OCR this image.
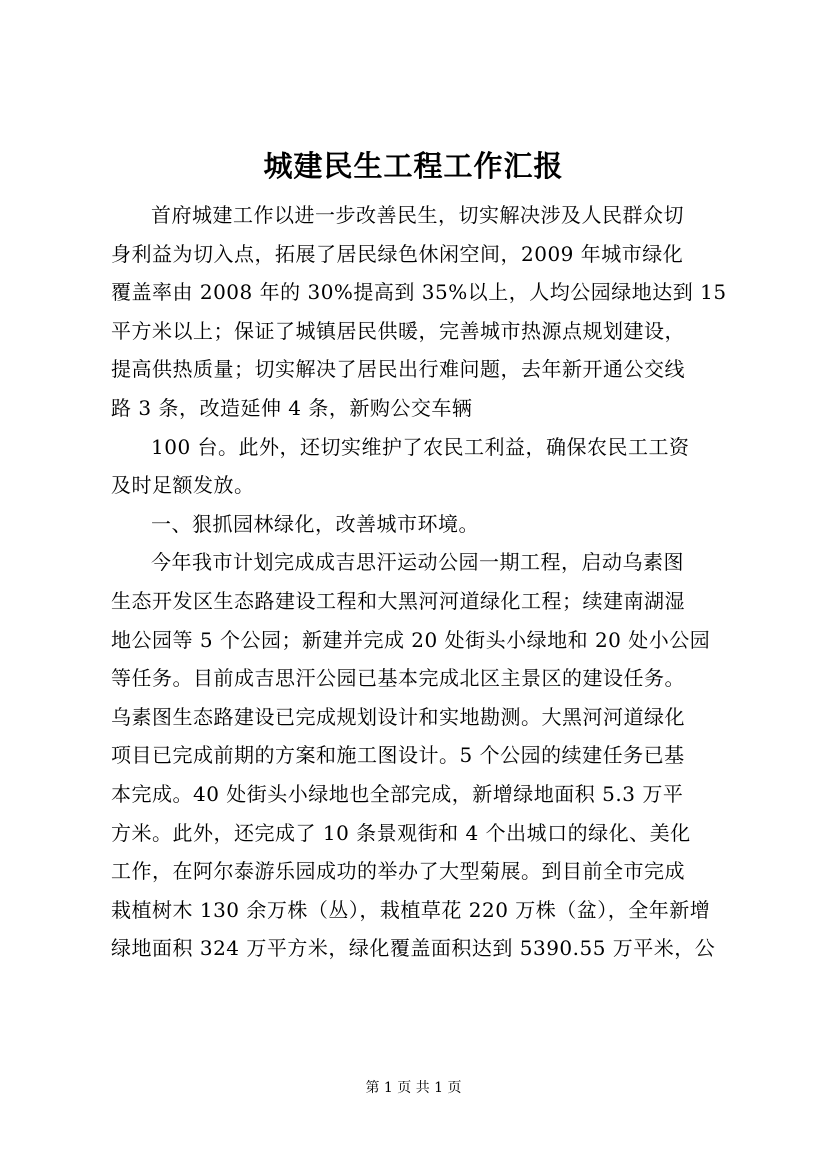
城建民生工程工作汇报
首府城建工作以进一步改善民生，切实解决涉及人民群众切
身利益为切入点，拓展了居民绿色休闲空间，2009 年城市绿化
覆盖率由 2008 年的 30%提高到 35%以上，人均公园绿地达到 15
平方米以上；保证了城镇居民供暖，完善城市热源点规划建设，
提高供热质量；切实解决了居民出行难问题，去年新开通公交线
路 3 条，改造延伸 4 条，新购公交车辆
100 台。此外，还切实维护了农民工利益，确保农民工工资
及时足额发放。
一、狠抓园林绿化，改善城市环境。
今年我市计划完成成吉思汗运动公园一期工程，启动乌素图
生态开发区生态路建设工程和大黑河河道绿化工程；续建南湖湿
地公园等 5 个公园；新建并完成 20 处街头小绿地和 20 处小公园
等任务。目前成吉思汗公园已基本完成北区主景区的建设任务。
乌素图生态路建设已完成规划设计和实地勘测。大黑河河道绿化
项目已完成前期的方案和施工图设计。5 个公园的续建任务已基
本完成。40 处街头小绿地也全部完成，新增绿地面积 5.3 万平
方米。此外，还完成了 10 条景观街和 4 个出城口的绿化、美化
工作，在阿尔泰游乐园成功的举办了大型菊展。到目前全市完成
栽植树木 130 余万株（丛），栽植草花 220 万株（盆），全年新增
绿地面积 324 万平方米，绿化覆盖面积达到 5390.55 万平米，公
第 1 页 共 1 页
